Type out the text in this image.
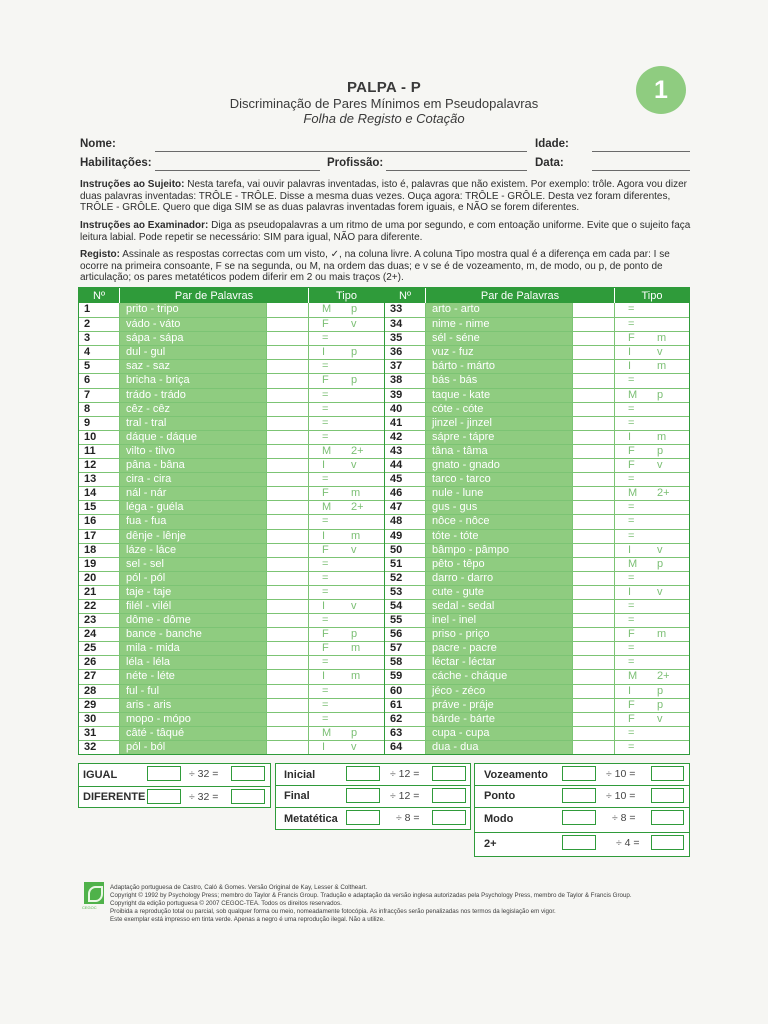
PALPA - P
Discriminação de Pares Mínimos em Pseudopalavras
Folha de Registo e Cotação
1
Nome:	Idade:
Habilitações:	Profissão:	Data:
Instruções ao Sujeito: Nesta tarefa, vai ouvir palavras inventadas, isto é, palavras que não existem. Por exemplo: trôle. Agora vou dizer duas palavras inventadas: TRÔLE - TRÔLE. Disse a mesma duas vezes. Ouça agora: TRÔLE - GRÔLE. Desta vez foram diferentes, TRÔLE - GRÔLE. Quero que diga SIM se as duas palavras inventadas forem iguais, e NÃO se forem diferentes.
Instruções ao Examinador: Diga as pseudopalavras a um ritmo de uma por segundo, e com entoação uniforme. Evite que o sujeito faça leitura labial. Pode repetir se necessário: SIM para igual, NÃO para diferente.
Registo: Assinale as respostas correctas com um visto, ✓, na coluna livre. A coluna Tipo mostra qual é a diferença em cada par: I se ocorre na primeira consoante, F se na segunda, ou M, na ordem das duas; e v se é de vozeamento, m, de modo, ou p, de ponto de articulação; os pares metatéticos podem diferir em 2 ou mais traços (2+).
Nº	Par de Palavras	Tipo
1	prito - tripo	M p
2	vádo - váto	F v
3	sápa - sápa	=
4	dul - gul	I p
5	saz - saz	=
6	bricha - briça	F p
7	trádo - trádo	=
8	cêz - cêz	=
9	tral - tral	=
10	dáque - dáque	=
11	vilto - tilvo	M 2+
12	pâna - bâna	I v
13	cira - cira	=
14	nál - nár	F m
15	léga - guéla	M 2+
16	fua - fua	=
17	dênje - lênje	I m
18	láze - láce	F v
19	sel - sel	=
20	pól - pól	=
21	taje - taje	=
22	filél - vilél	I v
23	dôme - dôme	=
24	bance - banche	F p
25	mila - mida	F m
26	léla - léla	=
27	néte - léte	I m
28	ful - ful	=
29	aris - aris	=
30	mopo - mópo	=
31	câté - tâqué	M p
32	pól - ból	I v
Nº	Par de Palavras	Tipo
33	arto - arto	=
34	nime - nime	=
35	sél - séne	F m
36	vuz - fuz	I v
37	bárto - márto	I m
38	bás - bás	=
39	taque - kate	M p
40	cóte - cóte	=
41	jinzel - jinzel	=
42	sápre - tápre	I m
43	tâna - tâma	F p
44	gnato - gnado	F v
45	tarco - tarco	=
46	nule - lune	M 2+
47	gus - gus	=
48	nôce - nôce	=
49	tóte - tóte	=
50	bâmpo - pâmpo	I v
51	pêto - têpo	M p
52	darro - darro	=
53	cute - gute	I v
54	sedal - sedal	=
55	inel - inel	=
56	priso - priço	F m
57	pacre - pacre	=
58	léctar - léctar	=
59	cáche - cháque	M 2+
60	jéco - zéco	I p
61	práve - práje	F p
62	bárde - bárte	F v
63	cupa - cupa	=
64	dua - dua	=
IGUAL	÷ 32 =
DIFERENTE	÷ 32 =
Inicial	÷ 12 =
Final	÷ 12 =
Metatética	÷ 8 =
Vozeamento	÷ 10 =
Ponto	÷ 10 =
Modo	÷ 8 =
2+	÷ 4 =
CEGOC
Adaptação portuguesa de Castro, Caló & Gomes. Versão Original de Kay, Lesser & Coltheart.
Copyright © 1992 by Psychology Press; membro do Taylor & Francis Group. Tradução e adaptação da versão inglesa autorizadas pela Psychology Press, membro de Taylor & Francis Group.
Copyright da edição portuguesa © 2007 CEGOC-TEA. Todos os direitos reservados.
Proibida a reprodução total ou parcial, sob qualquer forma ou meio, nomeadamente fotocópia. As infracções serão penalizadas nos termos da legislação em vigor.
Este exemplar está impresso em tinta verde. Apenas a negro é uma reprodução ilegal. Não a utilize.
